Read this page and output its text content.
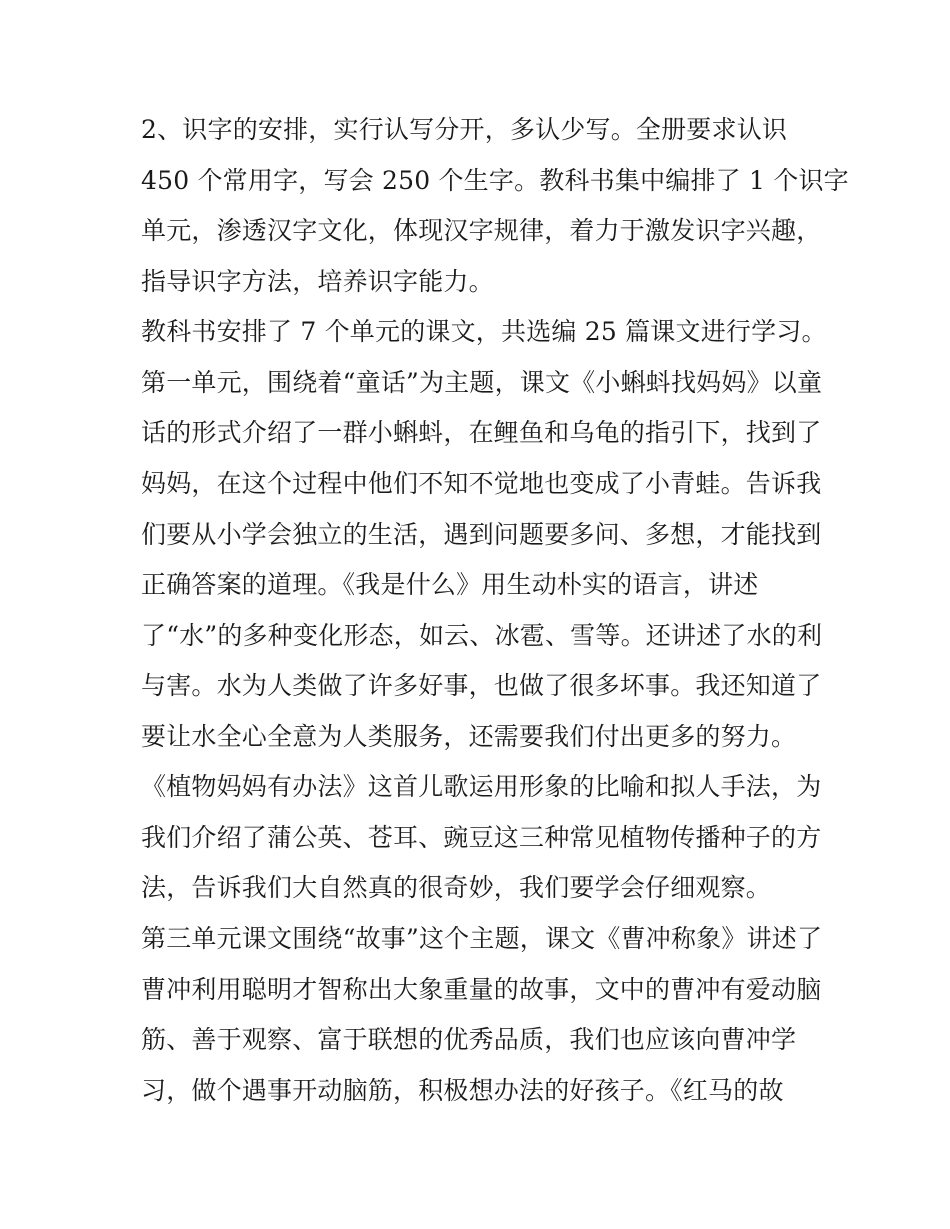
2、识字的安排，实行认写分开，多认少写。全册要求认识
450 个常用字，写会 250 个生字。教科书集中编排了 1 个识字
单元，渗透汉字文化，体现汉字规律，着力于激发识字兴趣，
指导识字方法，培养识字能力。
教科书安排了 7 个单元的课文，共选编 25 篇课文进行学习。
第一单元，围绕着“童话”为主题，课文《小蝌蚪找妈妈》以童
话的形式介绍了一群小蝌蚪，在鲤鱼和乌龟的指引下，找到了
妈妈，在这个过程中他们不知不觉地也变成了小青蛙。告诉我
们要从小学会独立的生活，遇到问题要多问、多想，才能找到
正确答案的道理。《我是什么》用生动朴实的语言，讲述
了“水”的多种变化形态，如云、冰雹、雪等。还讲述了水的利
与害。水为人类做了许多好事，也做了很多坏事。我还知道了
要让水全心全意为人类服务，还需要我们付出更多的努力。
《植物妈妈有办法》这首儿歌运用形象的比喻和拟人手法，为
我们介绍了蒲公英、苍耳、豌豆这三种常见植物传播种子的方
法，告诉我们大自然真的很奇妙，我们要学会仔细观察。
第三单元课文围绕“故事”这个主题，课文《曹冲称象》讲述了
曹冲利用聪明才智称出大象重量的故事，文中的曹冲有爱动脑
筋、善于观察、富于联想的优秀品质，我们也应该向曹冲学
习，做个遇事开动脑筋，积极想办法的好孩子。《红马的故
